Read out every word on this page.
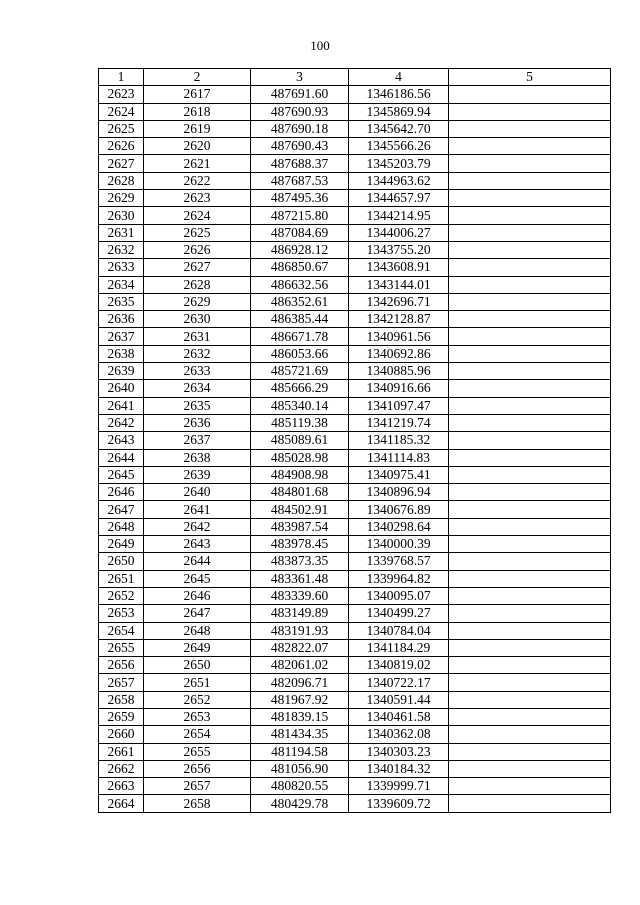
100
1	2	3	4	5
2623	2617	487691.60	1346186.56	
2624	2618	487690.93	1345869.94	
2625	2619	487690.18	1345642.70	
2626	2620	487690.43	1345566.26	
2627	2621	487688.37	1345203.79	
2628	2622	487687.53	1344963.62	
2629	2623	487495.36	1344657.97	
2630	2624	487215.80	1344214.95	
2631	2625	487084.69	1344006.27	
2632	2626	486928.12	1343755.20	
2633	2627	486850.67	1343608.91	
2634	2628	486632.56	1343144.01	
2635	2629	486352.61	1342696.71	
2636	2630	486385.44	1342128.87	
2637	2631	486671.78	1340961.56	
2638	2632	486053.66	1340692.86	
2639	2633	485721.69	1340885.96	
2640	2634	485666.29	1340916.66	
2641	2635	485340.14	1341097.47	
2642	2636	485119.38	1341219.74	
2643	2637	485089.61	1341185.32	
2644	2638	485028.98	1341114.83	
2645	2639	484908.98	1340975.41	
2646	2640	484801.68	1340896.94	
2647	2641	484502.91	1340676.89	
2648	2642	483987.54	1340298.64	
2649	2643	483978.45	1340000.39	
2650	2644	483873.35	1339768.57	
2651	2645	483361.48	1339964.82	
2652	2646	483339.60	1340095.07	
2653	2647	483149.89	1340499.27	
2654	2648	483191.93	1340784.04	
2655	2649	482822.07	1341184.29	
2656	2650	482061.02	1340819.02	
2657	2651	482096.71	1340722.17	
2658	2652	481967.92	1340591.44	
2659	2653	481839.15	1340461.58	
2660	2654	481434.35	1340362.08	
2661	2655	481194.58	1340303.23	
2662	2656	481056.90	1340184.32	
2663	2657	480820.55	1339999.71	
2664	2658	480429.78	1339609.72	
